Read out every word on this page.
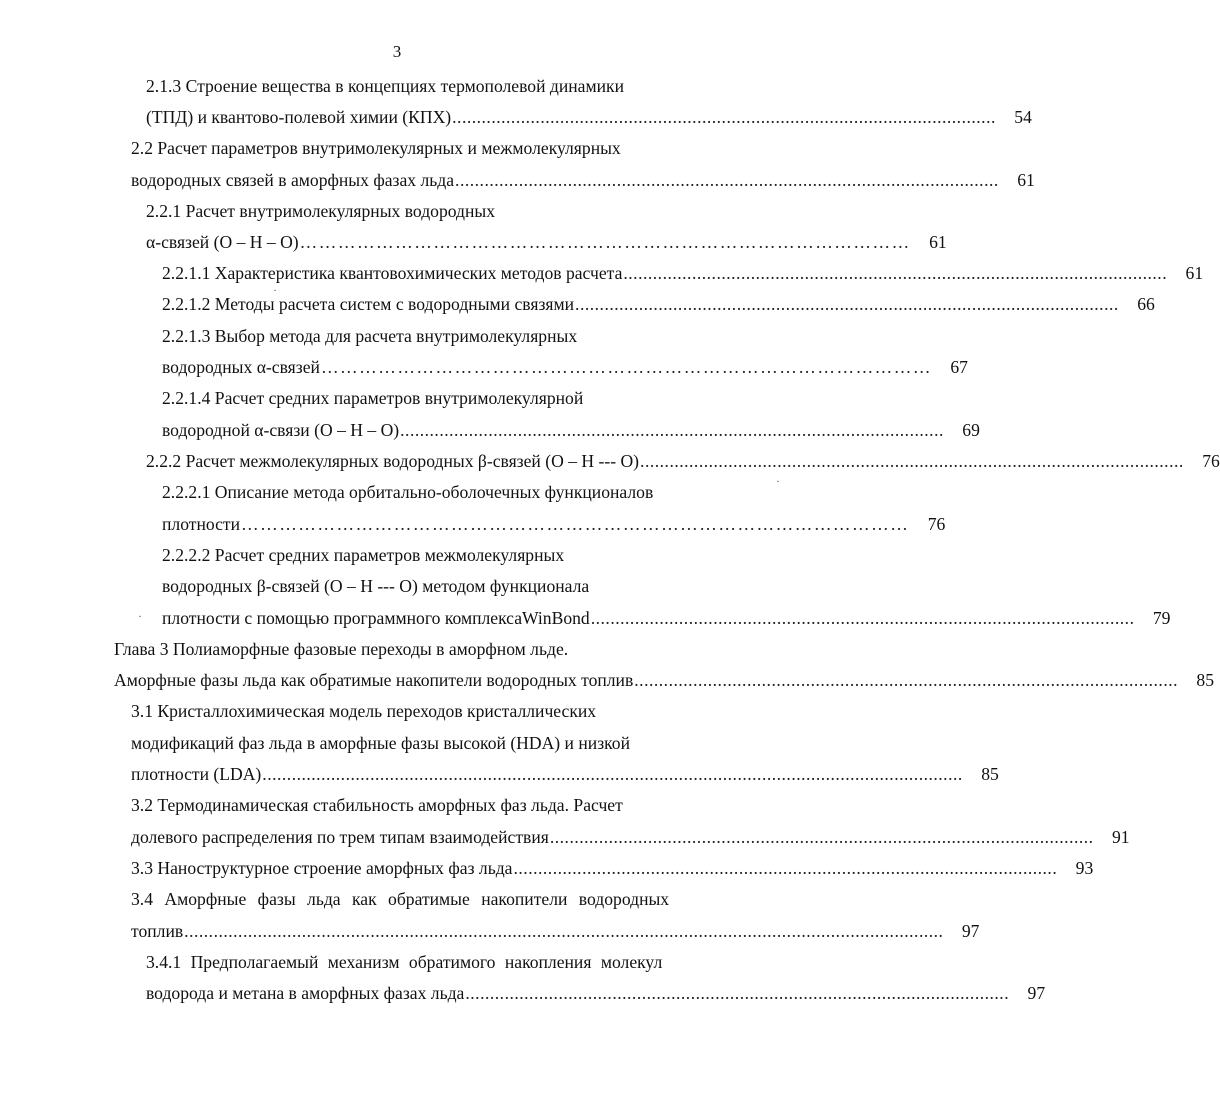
3
2.1.3 Строение вещества в концепциях термополевой динамики
(ТПД) и квантово-полевой химии (КПХ) ...............................................................................................................	54
2.2 Расчет параметров внутримолекулярных и межмолекулярных
водородных связей в аморфных фазах льда ...............................................................................................................	61
2.2.1 Расчет внутримолекулярных водородных
α-связей (O – H – O) ……………………………………………………………………………………	61
2.2.1.1 Характеристика квантовохимических методов расчета ...............................................................................................................	61
2.2.1.2 Методы расчета систем с водородными связями ...............................................................................................................	66
2.2.1.3 Выбор метода для расчета внутримолекулярных
водородных α-связей ……………………………………………………………………………………	67
2.2.1.4 Расчет средних параметров внутримолекулярной
водородной α-связи (O – H – O) ...............................................................................................................	69
2.2.2 Расчет межмолекулярных водородных β-связей (O – H --- O) ...............................................................................................................	76
2.2.2.1 Описание метода орбитально-оболочечных функционалов
плотности ……………………………………………………………………………………………	76
2.2.2.2 Расчет средних параметров межмолекулярных
водородных β-связей (O – H --- O) методом функционала
плотности с помощью программного комплексаWinBond ...............................................................................................................	79
Глава 3 Полиаморфные фазовые переходы в аморфном льде.
Аморфные фазы льда как обратимые накопители водородных топлив ...............................................................................................................	85
3.1 Кристаллохимическая модель переходов кристаллических
модификаций фаз льда в аморфные фазы высокой (HDA) и низкой
плотности (LDA) ...............................................................................................................................................	85
3.2 Термодинамическая стабильность аморфных фаз льда. Расчет
долевого распределения по трем типам взаимодействия ...............................................................................................................	91
3.3 Наноструктурное строение аморфных фаз льда ...............................................................................................................	93
3.4 Аморфные фазы льда как обратимые накопители водородных
топлив ...........................................................................................................................................................	97
3.4.1 Предполагаемый механизм обратимого накопления молекул
водорода и метана в аморфных фазах льда ...............................................................................................................	97
·
·
·
